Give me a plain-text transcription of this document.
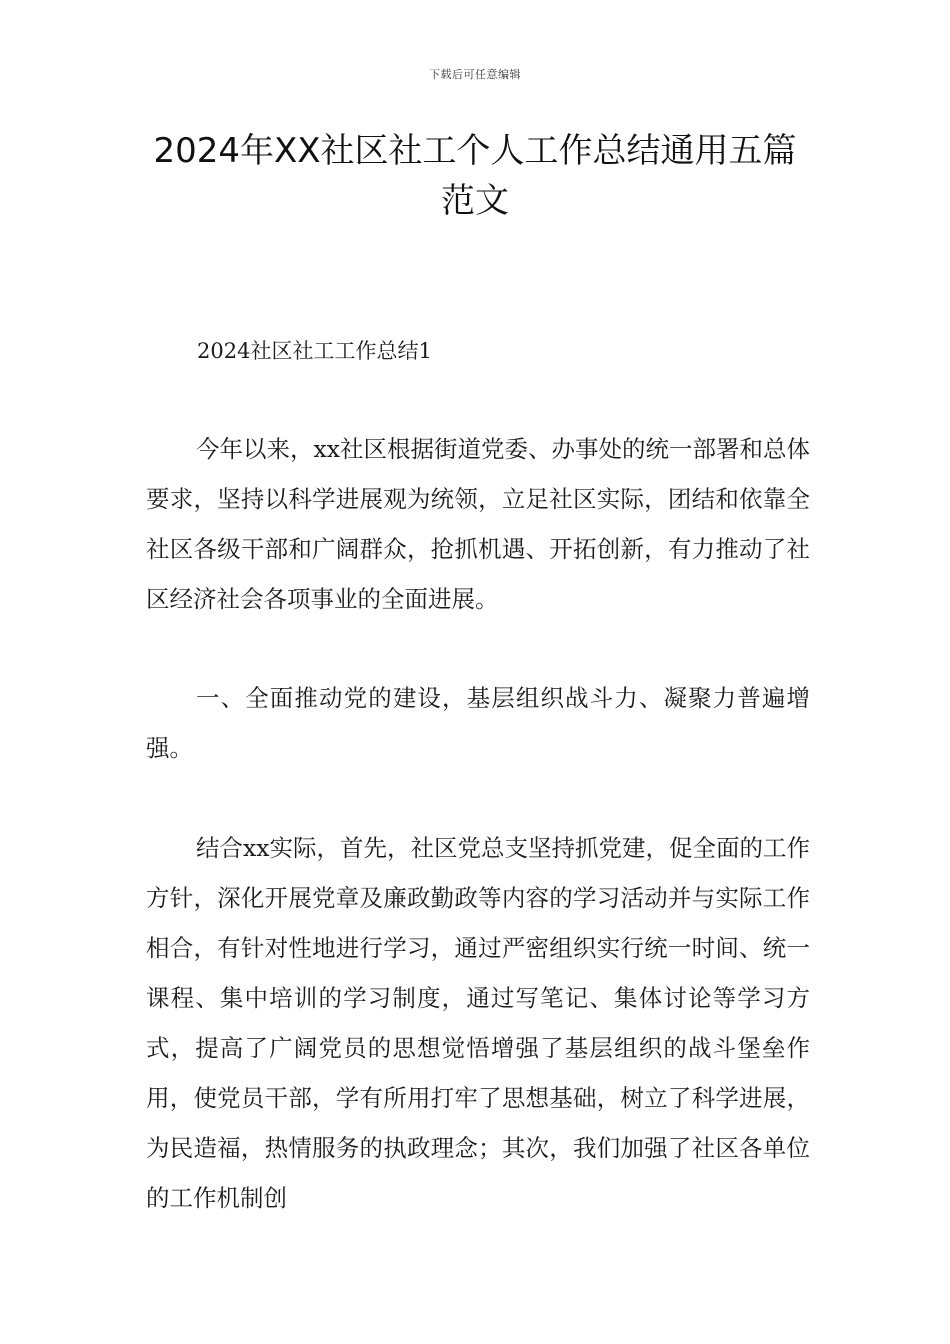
下载后可任意编辑
2024年XX社区社工个人工作总结通用五篇
范文
2024社区社工工作总结1

今年以来，xx社区根据街道党委、办事处的统一部署和总体要求，坚持以科学进展观为统领，立足社区实际，团结和依靠全社区各级干部和广阔群众，抢抓机遇、开拓创新，有力推动了社区经济社会各项事业的全面进展。

一、全面推动党的建设，基层组织战斗力、凝聚力普遍增强。

结合xx实际，首先，社区党总支坚持抓党建，促全面的工作方针，深化开展党章及廉政勤政等内容的学习活动并与实际工作相合，有针对性地进行学习，通过严密组织实行统一时间、统一课程、集中培训的学习制度，通过写笔记、集体讨论等学习方式，提高了广阔党员的思想觉悟增强了基层组织的战斗堡垒作用，使党员干部，学有所用打牢了思想基础，树立了科学进展，为民造福，热情服务的执政理念；其次，我们加强了社区各单位的工作机制创
